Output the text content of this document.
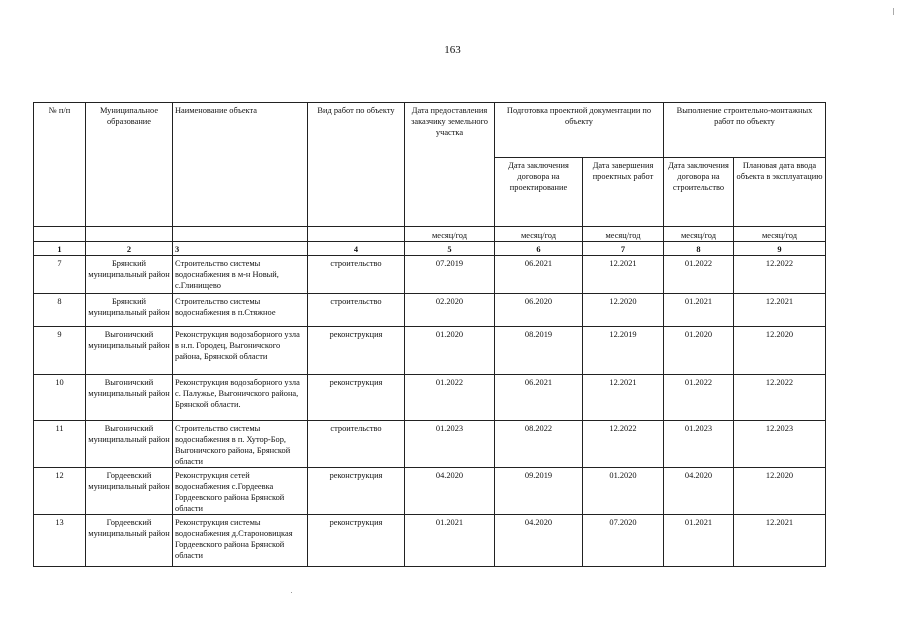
163
№ п/п	Муниципальное образование	Наименование объекта	Вид работ по объекту	Дата предоставления заказчику земельного участка	Подготовка проектной документации по объекту		Выполнение строительно-монтажных работ по объекту	
					Дата заключения договора на проектирование	Дата завершения проектных работ	Дата заключения договора на строительство	Плановая дата ввода объекта в эксплуатацию
				месяц/год	месяц/год	месяц/год	месяц/год	месяц/год
1	2	3	4	5	6	7	8	9
7	Брянский муниципальный район	Строительство системы водоснабжения в м-н Новый, с.Глинищево	строительство	07.2019	06.2021	12.2021	01.2022	12.2022
8	Брянский муниципальный район	Строительство системы водоснабжения в п.Стяжное	строительство	02.2020	06.2020	12.2020	01.2021	12.2021
9	Выгоничский муниципальный район	Реконструкция водозаборного узла в н.п. Городец, Выгоничского района, Брянской области	реконструкция	01.2020	08.2019	12.2019	01.2020	12.2020
10	Выгоничский муниципальный район	Реконструкция водозаборного узла с. Палужье, Выгоничского района, Брянской области.	реконструкция	01.2022	06.2021	12.2021	01.2022	12.2022
11	Выгоничский муниципальный район	Строительство системы водоснабжения в п. Хутор-Бор, Выгоничского района, Брянской области	строительство	01.2023	08.2022	12.2022	01.2023	12.2023
12	Гордеевский муниципальный район	Реконструкция сетей водоснабжения с.Гордеевка Гордеевского района Брянской области	реконструкция	04.2020	09.2019	01.2020	04.2020	12.2020
13	Гордеевский муниципальный район	Реконструкция системы водоснабжения д.Староновицкая Гордеевского района Брянской области	реконструкция	01.2021	04.2020	07.2020	01.2021	12.2021
